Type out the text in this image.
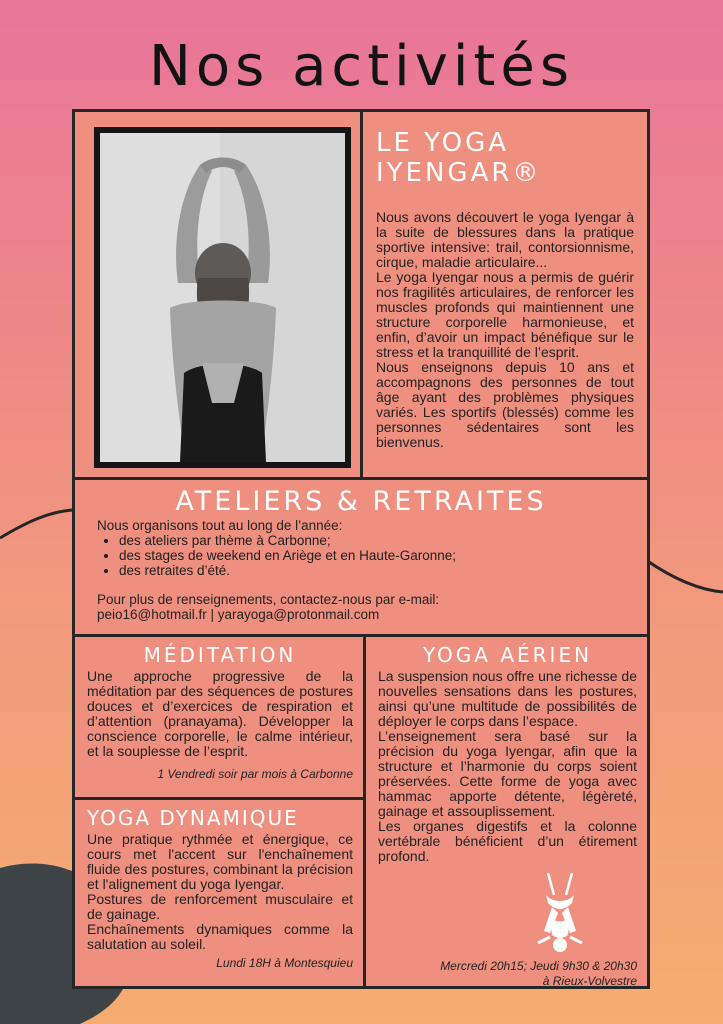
Nos activités
LE YOGA
IYENGAR®

Nous avons découvert le yoga Iyengar à la suite de blessures dans la pratique sportive intensive: trail, contorsionnisme, cirque, maladie articulaire...

Le yoga Iyengar nous a permis de guérir nos fragilités articulaires, de renforcer les muscles profonds qui maintiennent une structure corporelle harmonieuse, et enfin, d’avoir un impact bénéfique sur le stress et la tranquillité de l’esprit.

Nous enseignons depuis 10 ans et accompagnons des personnes de tout âge ayant des problèmes physiques variés. Les sportifs (blessés) comme les personnes sédentaires sont les bienvenus.

ATELIERS & RETRAITES

Nous organisons tout au long de l’année:

• des ateliers par thème à Carbonne;
• des stages de weekend en Ariège et en Haute-Garonne;
• des retraites d’été.

Pour plus de renseignements, contactez-nous par e-mail:

peio16@hotmail.fr | yarayoga@protonmail.com

MÉDITATION

Une approche progressive de la méditation par des séquences de postures douces et d’exercices de respiration et d’attention (pranayama). Développer la conscience corporelle, le calme intérieur, et la souplesse de l’esprit.

1 Vendredi soir par mois à Carbonne

YOGA DYNAMIQUE

Une pratique rythmée et énergique, ce cours met l'accent sur l'enchaînement fluide des postures, combinant la précision et l'alignement du yoga Iyengar.

Postures de renforcement musculaire et de gainage.

Enchaînements dynamiques comme la salutation au soleil.

Lundi 18H à Montesquieu

YOGA AÉRIEN

La suspension nous offre une richesse de nouvelles sensations dans les postures, ainsi qu’une multitude de possibilités de déployer le corps dans l’espace.

L’enseignement sera basé sur la précision du yoga Iyengar, afin que la structure et l’harmonie du corps soient préservées. Cette forme de yoga avec hammac apporte détente, légèreté, gainage et assouplissement.

Les organes digestifs et la colonne vertébrale bénéficient d’un étirement profond.

Mercredi 20h15; Jeudi 9h30 & 20h30
à Rieux-Volvestre
